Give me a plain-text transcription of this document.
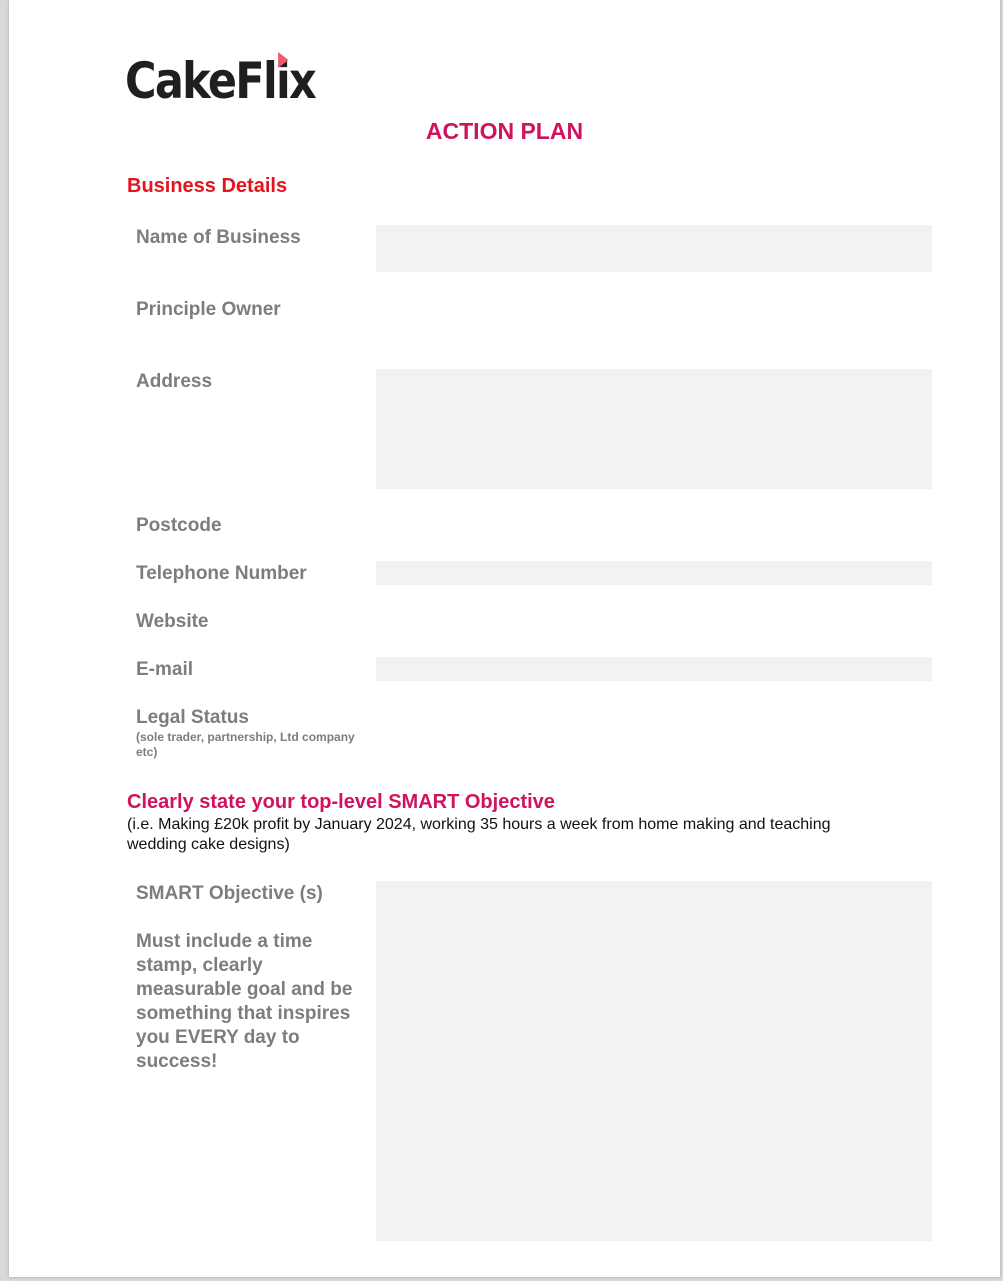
CakeFli
x
ACTION PLAN
Business Details
Name of Business
Principle Owner
Address
Postcode
Telephone Number
Website
E-mail
Legal Status
(sole trader, partnership, Ltd company etc)
Clearly state your top-level SMART Objective
(i.e. Making £20k profit by January 2024, working 35 hours a week from home making and teaching wedding cake designs)
SMART Objective (s)
Must include a time stamp, clearly measurable goal and be something that inspires you EVERY day to success!
